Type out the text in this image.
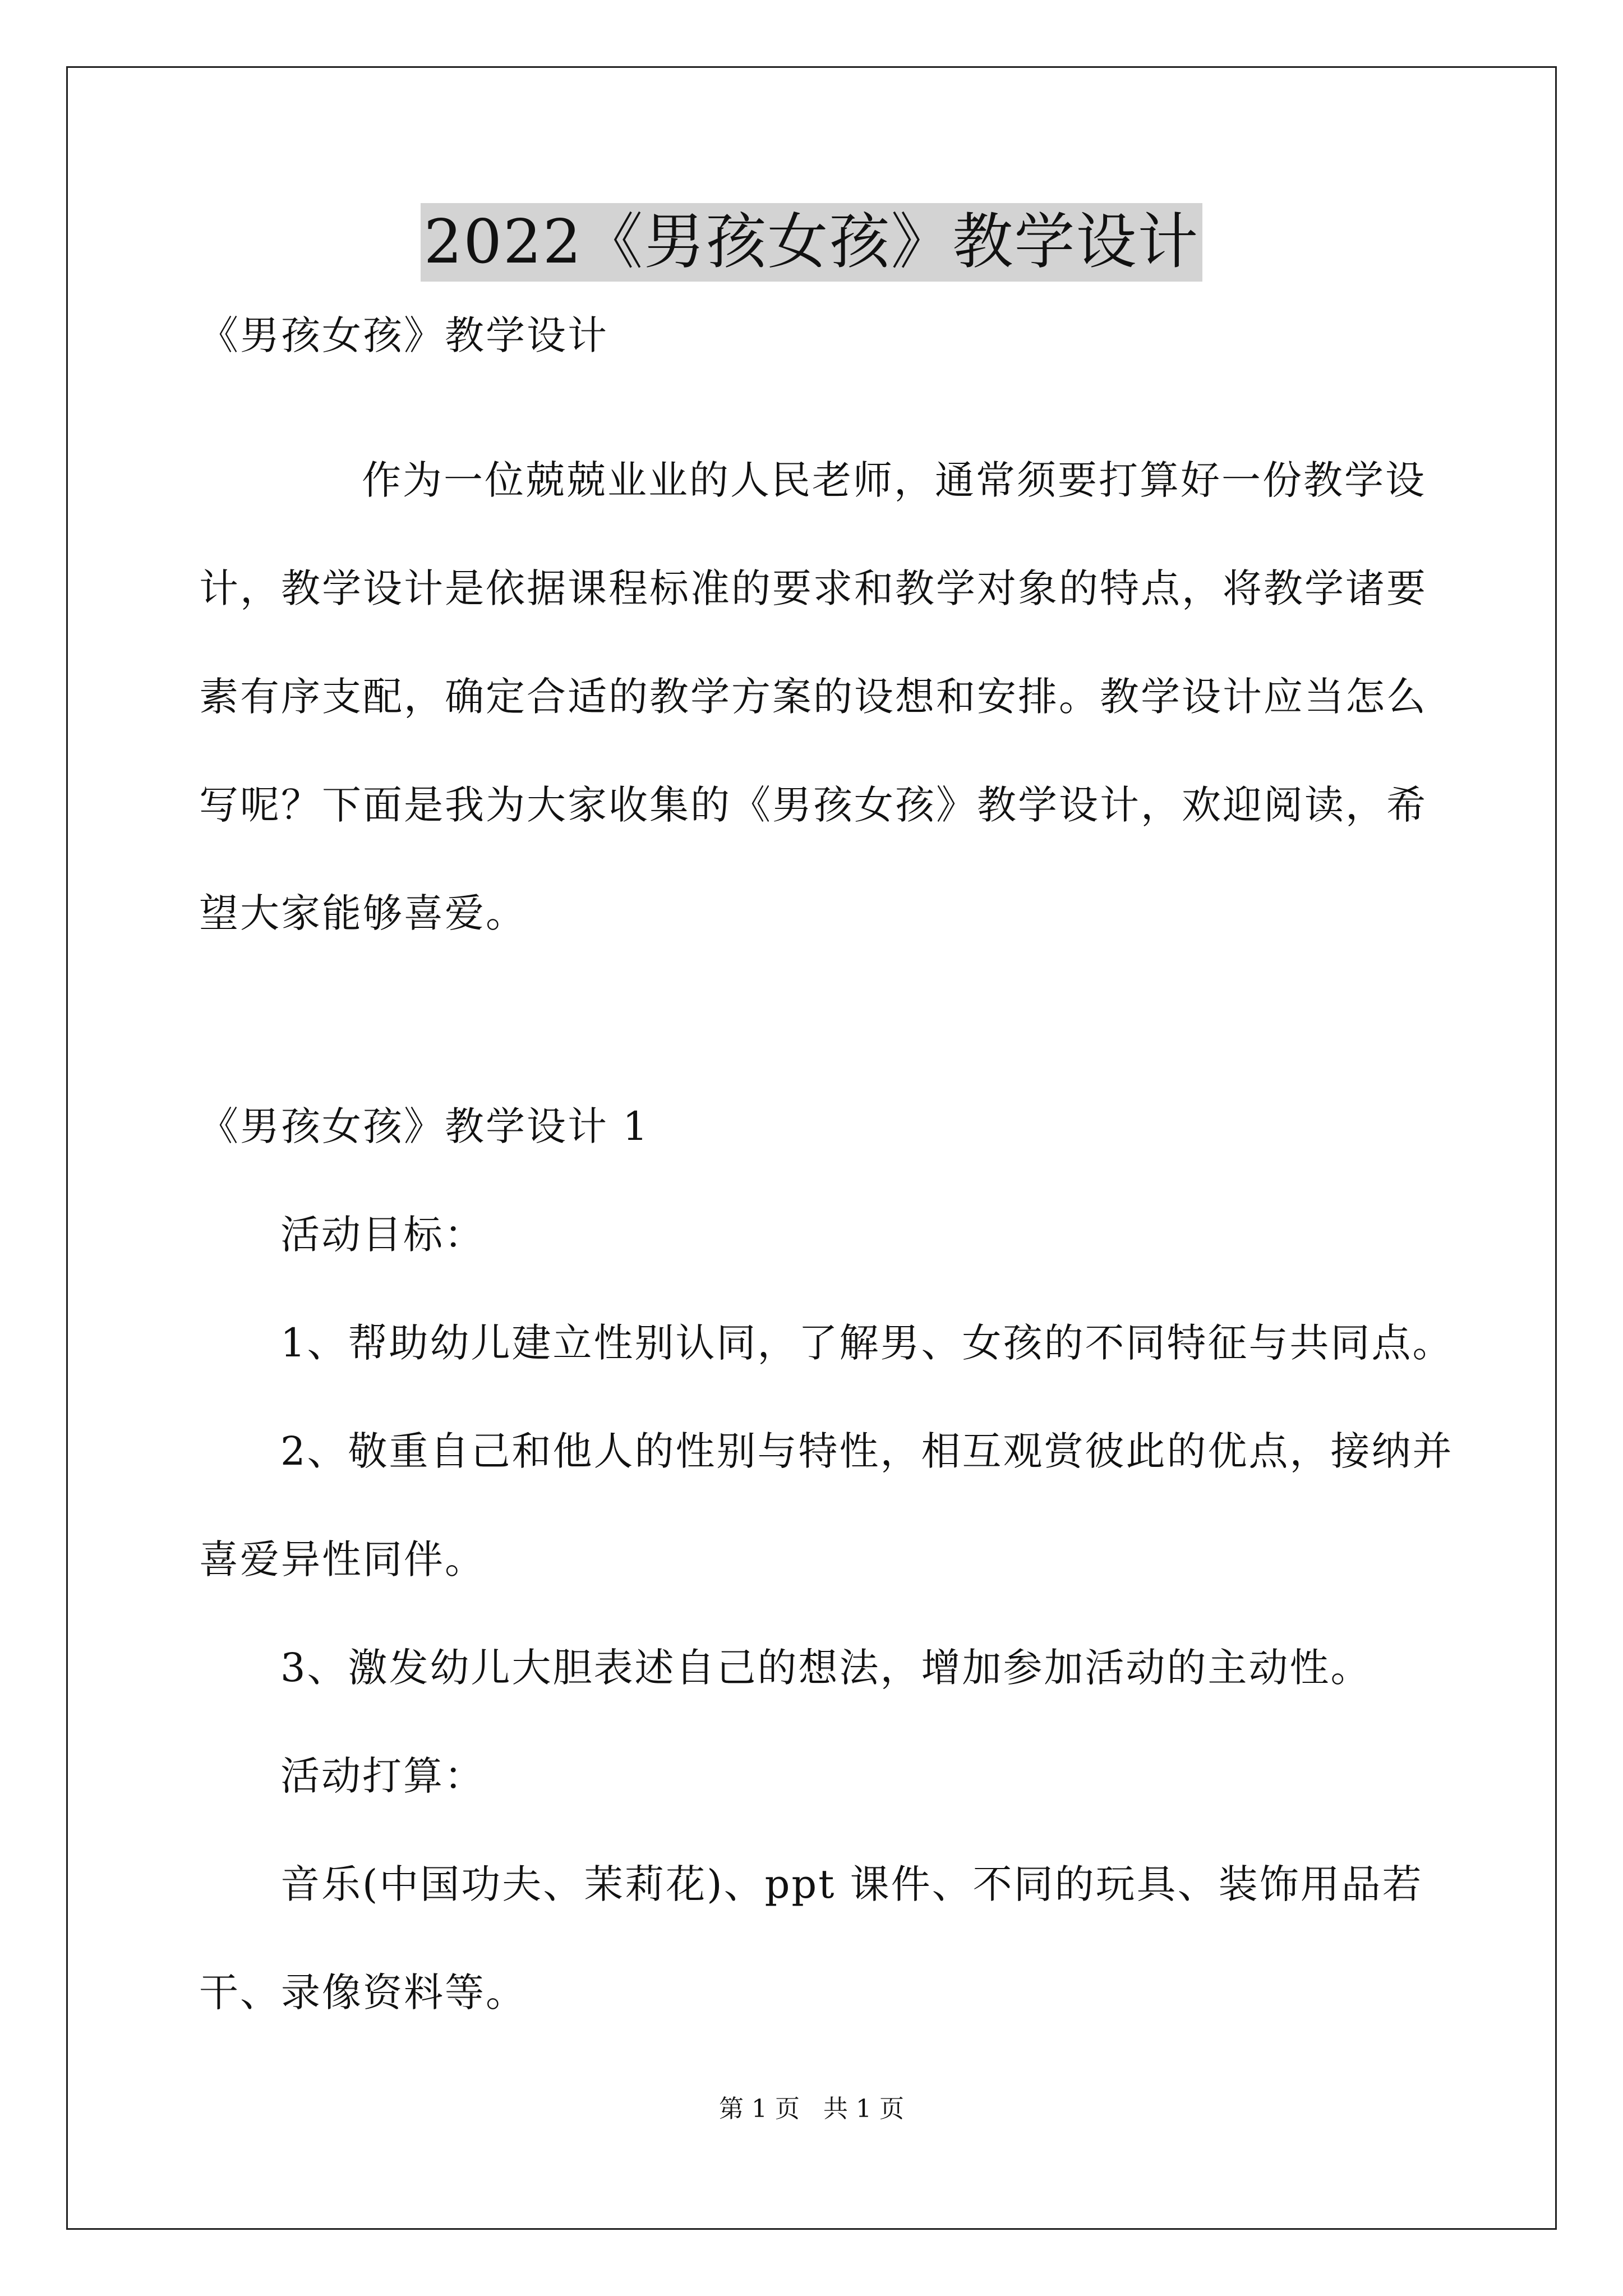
2022《男孩女孩》教学设计
《男孩女孩》教学设计
作为一位兢兢业业的人民老师，通常须要打算好一份教学设
计，教学设计是依据课程标准的要求和教学对象的特点，将教学诸要
素有序支配，确定合适的教学方案的设想和安排。教学设计应当怎么
写呢？下面是我为大家收集的《男孩女孩》教学设计，欢迎阅读，希
望大家能够喜爱。
《男孩女孩》教学设计 1
活动目标：
1、帮助幼儿建立性别认同，了解男、女孩的不同特征与共同点。
2、敬重自己和他人的性别与特性，相互观赏彼此的优点，接纳并
喜爱异性同伴。
3、激发幼儿大胆表述自己的想法，增加参加活动的主动性。
活动打算：
音乐(中国功夫、茉莉花)、ppt 课件、不同的玩具、装饰用品若
干、录像资料等。
第 1 页   共 1 页
